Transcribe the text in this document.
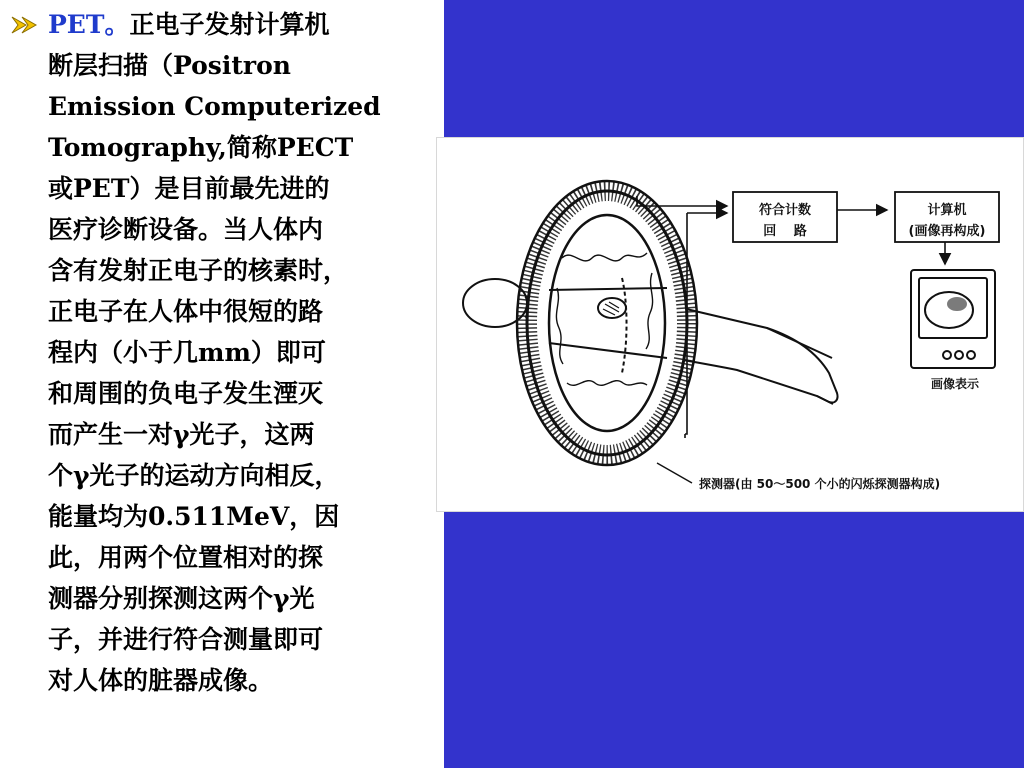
PET。正电子发射计算机
断层扫描（Positron
Emission Computerized
Tomography,简称PECT
或PET）是目前最先进的
医疗诊断设备。当人体内
含有发射正电子的核素时，
正电子在人体中很短的路
程内（小于几mm）即可
和周围的负电子发生湮灭
而产生一对γ光子，这两
个γ光子的运动方向相反，
能量均为0.511MeV，因
此，用两个位置相对的探
测器分别探测这两个γ光
子，并进行符合测量即可
对人体的脏器成像。
符合计数
回　 路
计算机
(画像再构成)
画像表示
探测器(由 50～500 个小的闪烁探测器构成)
